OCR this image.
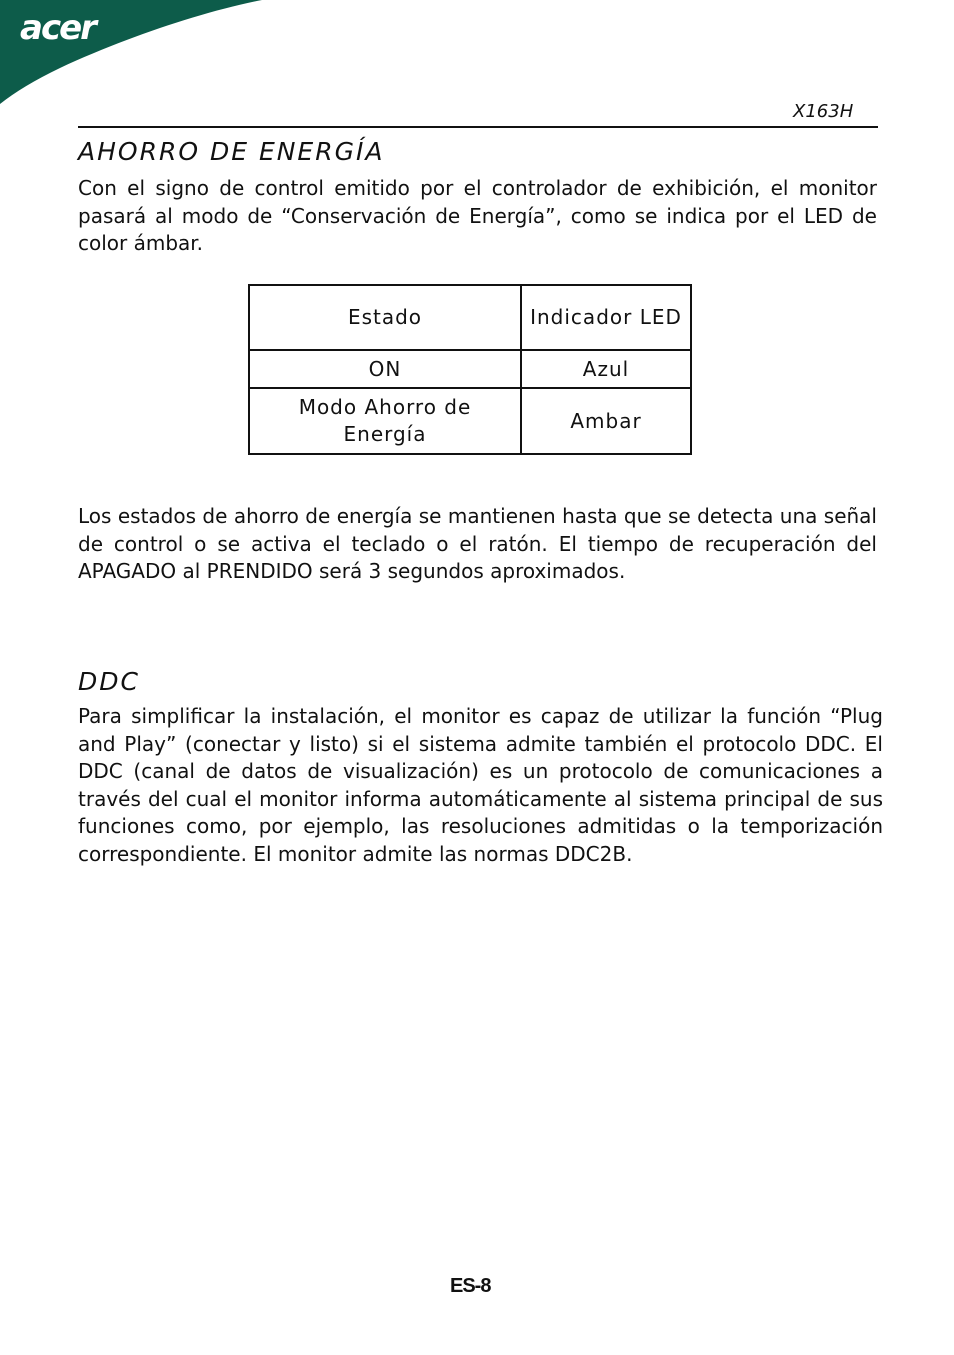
acer
X163H
AHORRO DE ENERGÍA

Con el signo de control emitido por el controlador de exhibición, el monitor pasará al modo de “Conservación de Energía”, como se indica por el LED de color ámbar.

Estado	Indicador LED
ON	Azul
Modo Ahorro de Energía	Ambar

Los estados de ahorro de energía se mantienen hasta que se detecta una señal de control o se activa el teclado o el ratón. El tiempo de recuperación del APAGADO al PRENDIDO será 3 segundos aproximados.

DDC

Para simplificar la instalación, el monitor es capaz de utilizar la función “Plug and Play” (conectar y listo) si el sistema admite también el protocolo DDC. El DDC (canal de datos de visualización) es un protocolo de comunicaciones a través del cual el monitor informa automáticamente al sistema principal de sus funciones como, por ejemplo, las resoluciones admitidas o la temporización correspondiente. El monitor admite las normas DDC2B.

ES-8
